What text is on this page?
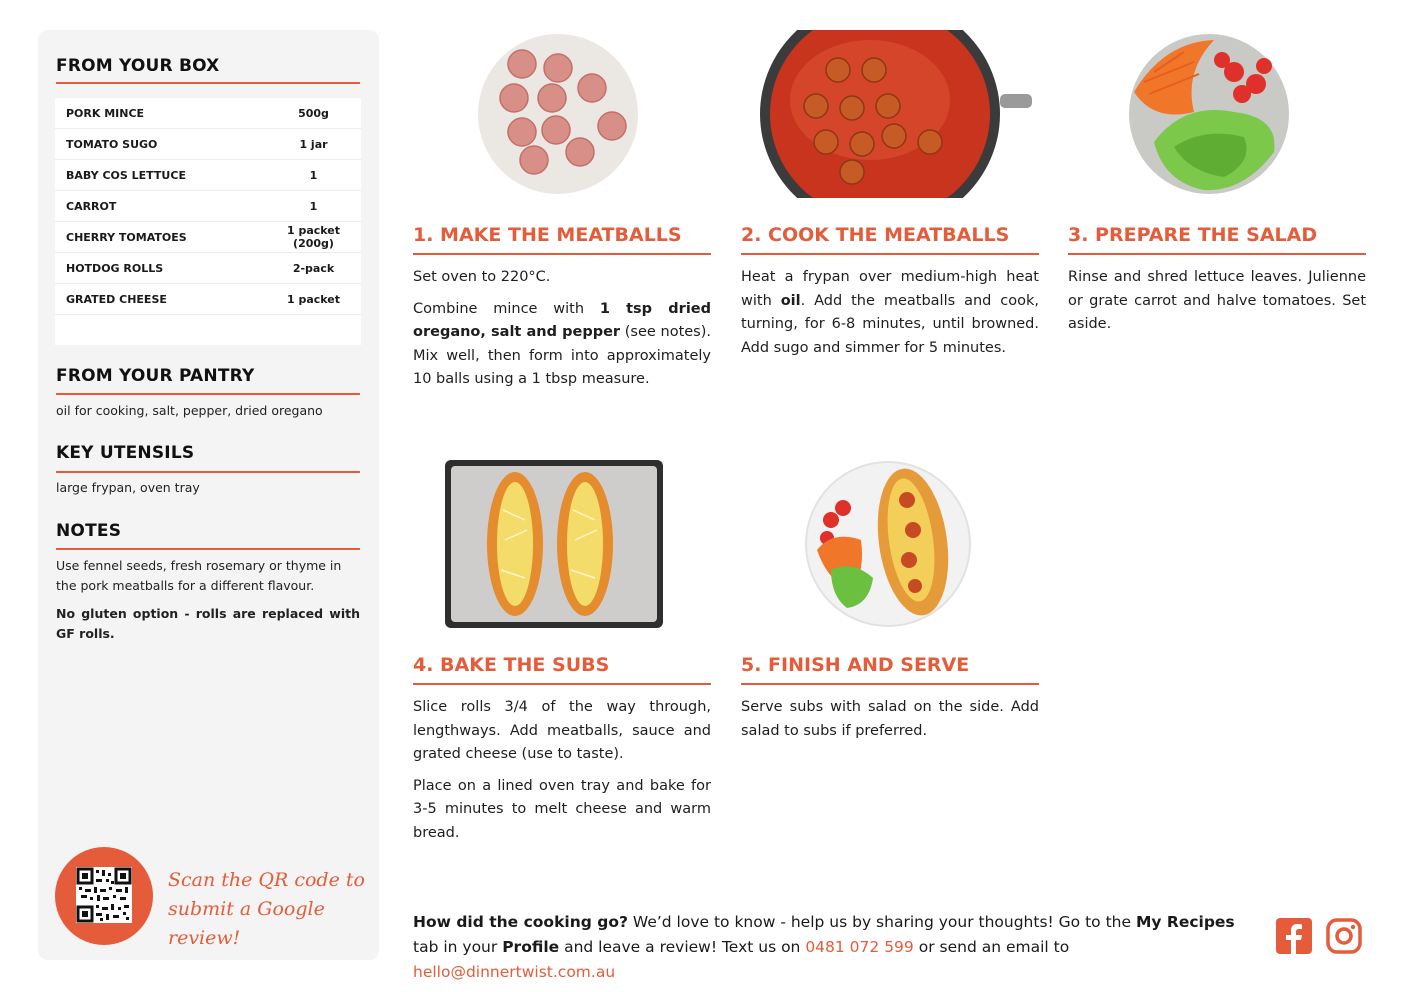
FROM YOUR BOX
PORK MINCE	500g
TOMATO SUGO	1 jar
BABY COS LETTUCE	1
CARROT	1
CHERRY TOMATOES	1 packet (200g)
HOTDOG ROLLS	2-pack
GRATED CHEESE	1 packet
FROM YOUR PANTRY

oil for cooking, salt, pepper, dried oregano

KEY UTENSILS

large frypan, oven tray

NOTES

Use fennel seeds, fresh rosemary or thyme in the pork meatballs for a different flavour.

No gluten option - rolls are replaced with GF rolls.

Scan the QR code to
submit a Google review!
1. MAKE THE MEATBALLS

Set oven to 220°C.

Combine mince with 1 tsp dried oregano, salt and pepper (see notes). Mix well, then form into approximately 10 balls using a 1 tbsp measure.

2. COOK THE MEATBALLS

Heat a frypan over medium-high heat with oil. Add the meatballs and cook, turning, for 6-8 minutes, until browned. Add sugo and simmer for 5 minutes.

3. PREPARE THE SALAD

Rinse and shred lettuce leaves. Julienne or grate carrot and halve tomatoes. Set aside.

4. BAKE THE SUBS

Slice rolls 3/4 of the way through, lengthways. Add meatballs, sauce and grated cheese (use to taste).

Place on a lined oven tray and bake for 3-5 minutes to melt cheese and warm bread.

5. FINISH AND SERVE

Serve subs with salad on the side. Add salad to subs if preferred.

How did the cooking go? We’d love to know - help us by sharing your thoughts! Go to the My Recipes tab in your Profile and leave a review! Text us on 0481 072 599 or send an email to hello@dinnertwist.com.au
